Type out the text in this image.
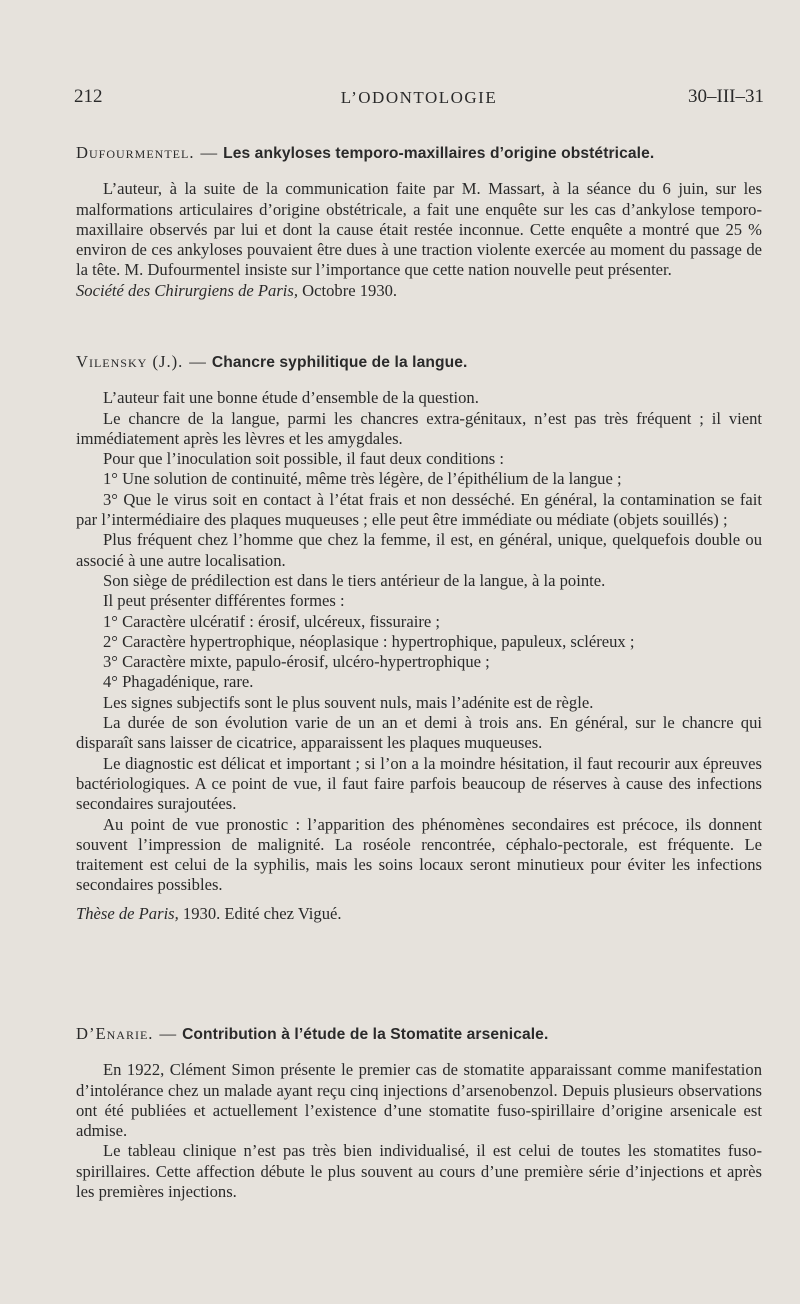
212	L’ODONTOLOGIE	30–III–31

Dufourmentel. — Les ankyloses temporo-maxillaires d’origine obstétricale.

L’auteur, à la suite de la communication faite par M. Massart, à la séance du 6 juin, sur les malformations articulaires d’origine obstétricale, a fait une enquête sur les cas d’ankylose temporo-maxillaire observés par lui et dont la cause était restée inconnue. Cette enquête a montré que 25 % environ de ces ankyloses pouvaient être dues à une traction violente exercée au moment du passage de la tête. M. Dufourmentel insiste sur l’importance que cette nation nouvelle peut présenter.

Société des Chirurgiens de Paris, Octobre 1930.

Vilensky (J.). — Chancre syphilitique de la langue.

L’auteur fait une bonne étude d’ensemble de la question.

Le chancre de la langue, parmi les chancres extra-génitaux, n’est pas très fréquent ; il vient immédiatement après les lèvres et les amygdales.

Pour que l’inoculation soit possible, il faut deux conditions :

1° Une solution de continuité, même très légère, de l’épithélium de la langue ;

3° Que le virus soit en contact à l’état frais et non desséché. En général, la contamination se fait par l’intermédiaire des plaques muqueuses ; elle peut être immédiate ou médiate (objets souillés) ;

Plus fréquent chez l’homme que chez la femme, il est, en général, unique, quelquefois double ou associé à une autre localisation.

Son siège de prédilection est dans le tiers antérieur de la langue, à la pointe.

Il peut présenter différentes formes :

1° Caractère ulcératif : érosif, ulcéreux, fissuraire ;

2° Caractère hypertrophique, néoplasique : hypertrophique, papuleux, scléreux ;

3° Caractère mixte, papulo-érosif, ulcéro-hypertrophique ;

4° Phagadénique, rare.

Les signes subjectifs sont le plus souvent nuls, mais l’adénite est de règle.

La durée de son évolution varie de un an et demi à trois ans. En général, sur le chancre qui disparaît sans laisser de cicatrice, apparaissent les plaques muqueuses.

Le diagnostic est délicat et important ; si l’on a la moindre hésitation, il faut recourir aux épreuves bactériologiques. A ce point de vue, il faut faire parfois beaucoup de réserves à cause des infections secondaires surajoutées.

Au point de vue pronostic : l’apparition des phénomènes secondaires est précoce, ils donnent souvent l’impression de malignité. La roséole rencontrée, céphalo-pectorale, est fréquente. Le traitement est celui de la syphilis, mais les soins locaux seront minutieux pour éviter les infections secondaires possibles.

Thèse de Paris, 1930. Edité chez Vigué.

D’Enarie. — Contribution à l’étude de la Stomatite arsenicale.

En 1922, Clément Simon présente le premier cas de stomatite apparaissant comme manifestation d’intolérance chez un malade ayant reçu cinq injections d’arsenobenzol. Depuis plusieurs observations ont été publiées et actuellement l’existence d’une stomatite fuso-spirillaire d’origine arsenicale est admise.

Le tableau clinique n’est pas très bien individualisé, il est celui de toutes les stomatites fuso-spirillaires. Cette affection débute le plus souvent au cours d’une première série d’injections et après les premières injections.
